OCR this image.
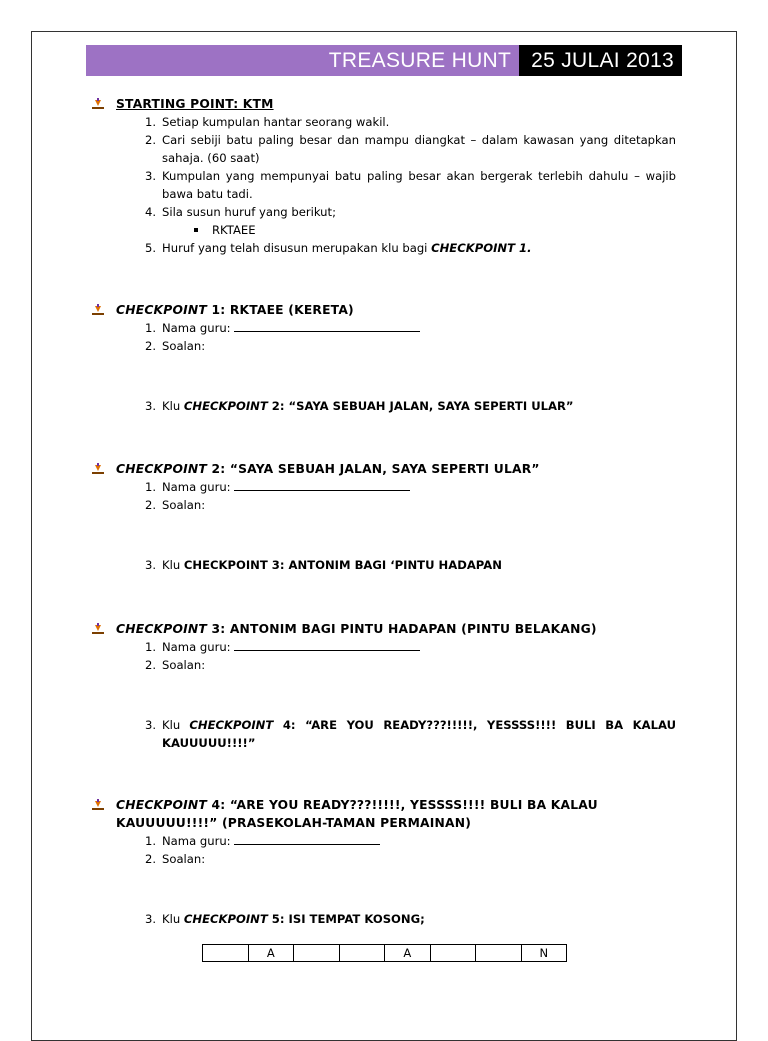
TREASURE HUNT 25 JULAI 2013
STARTING POINT: KTM
1. Setiap kumpulan hantar seorang wakil.
2. Cari sebiji batu paling besar dan mampu diangkat – dalam kawasan yang ditetapkan sahaja. (60 saat)
3. Kumpulan yang mempunyai batu paling besar akan bergerak terlebih dahulu – wajib bawa batu tadi.
4. Sila susun huruf yang berikut;
RKTAEE
5. Huruf yang telah disusun merupakan klu bagi CHECKPOINT 1.
CHECKPOINT 1: RKTAEE (KERETA)
1. Nama guru:
2. Soalan:
3. Klu CHECKPOINT 2: “SAYA SEBUAH JALAN, SAYA SEPERTI ULAR”
CHECKPOINT 2: “SAYA SEBUAH JALAN, SAYA SEPERTI ULAR”
1. Nama guru:
2. Soalan:
3. Klu CHECKPOINT 3: ANTONIM BAGI ‘PINTU HADAPAN
CHECKPOINT 3: ANTONIM BAGI PINTU HADAPAN (PINTU BELAKANG)
1. Nama guru:
2. Soalan:
3. Klu CHECKPOINT 4: “ARE YOU READY???!!!!!, YESSSS!!!! BULI BA KALAU KAUUUUU!!!!”
CHECKPOINT 4: “ARE YOU READY???!!!!!, YESSSS!!!! BULI BA KALAU KAUUUUU!!!!” (PRASEKOLAH-TAMAN PERMAINAN)
1. Nama guru:
2. Soalan:
3. Klu CHECKPOINT 5: ISI TEMPAT KOSONG;
	A			A			N
